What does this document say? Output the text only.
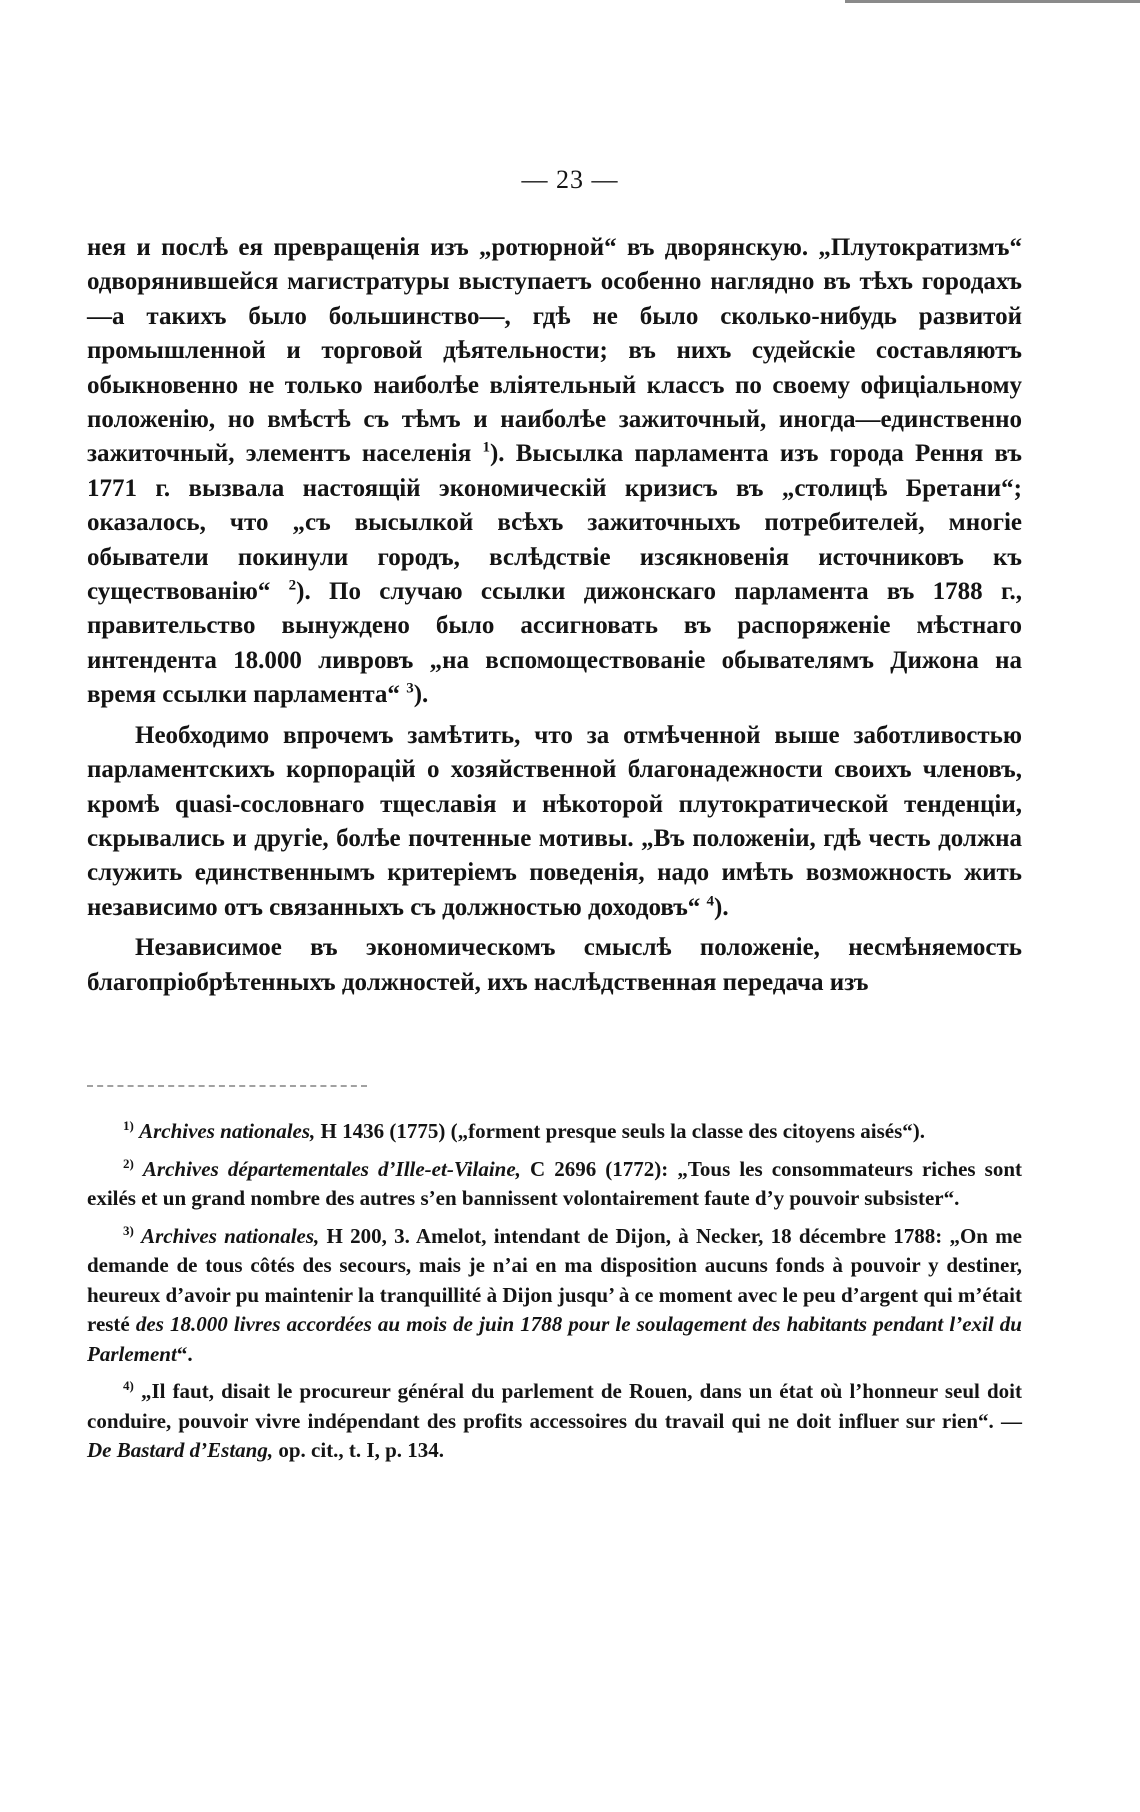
— 23 —

нея и послѣ ея превращенія изъ „ротюрной“ въ дворянскую. „Плутократизмъ“ одворянившейся магистратуры выступаетъ особенно наглядно въ тѣхъ городахъ—а такихъ было большинство—, гдѣ не было сколько-нибудь развитой промышленной и торговой дѣятельности; въ нихъ судейскіе составляютъ обыкновенно не только наиболѣе вліятельный классъ по своему офиціальному положенію, но вмѣстѣ съ тѣмъ и наиболѣе зажиточный, иногда—единственно зажиточный, элементъ населенія $^1$). Высылка парламента изъ города Рення въ 1771 г. вызвала настоящій экономическій кризисъ въ „столицѣ Бретани“; оказалось, что „съ высылкой всѣхъ зажиточныхъ потребителей, многіе обыватели покинули городъ, вслѣдствіе изсякновенія источниковъ къ существованію“ $^2$). По случаю ссылки дижонскаго парламента въ 1788 г., правительство вынуждено было ассигновать въ распоряженіе мѣстнаго интендента 18.000 ливровъ „на вспомоществованіе обывателямъ Дижона на время ссылки парламента“ $^3$).

Необходимо впрочемъ замѣтить, что за отмѣченной выше заботливостью парламентскихъ корпорацій о хозяйственной благонадежности своихъ членовъ, кромѣ quasi-сословнаго тщеславія и нѣкоторой плутократической тенденціи, скрывались и другіе, болѣе почтенные мотивы. „Въ положеніи, гдѣ честь должна служить единственнымъ критеріемъ поведенія, надо имѣть возможность жить независимо отъ связанныхъ съ должностью доходовъ“ $^4$).

Независимое въ экономическомъ смыслѣ положеніе, несмѣняемость благопріобрѣтенныхъ должностей, ихъ наслѣдственная передача изъ

$^{1)}$ Archives nationales, H 1436 (1775) („forment presque seuls la classe des citoyens aisés“).

$^{2)}$ Archives départementales d’Ille-et-Vilaine, C 2696 (1772): „Tous les consommateurs riches sont exilés et un grand nombre des autres s’en bannissent volontairement faute d’y pouvoir subsister“.

$^{3)}$ Archives nationales, H 200, 3. Amelot, intendant de Dijon, à Necker, 18 décembre 1788: „On me demande de tous côtés des secours, mais je n’ai en ma disposition aucuns fonds à pouvoir y destiner, heureux d’avoir pu maintenir la tranquillité à Dijon jusqu’ à ce moment avec le peu d’argent qui m’était resté des 18.000 livres accordées au mois de juin 1788 pour le soulagement des habitants pendant l’exil du Parlement“.

$^{4)}$ „Il faut, disait le procureur général du parlement de Rouen, dans un état où l’honneur seul doit conduire, pouvoir vivre indépendant des profits accessoires du travail qui ne doit influer sur rien“. — De Bastard d’Estang, op. cit., t. I, p. 134.
